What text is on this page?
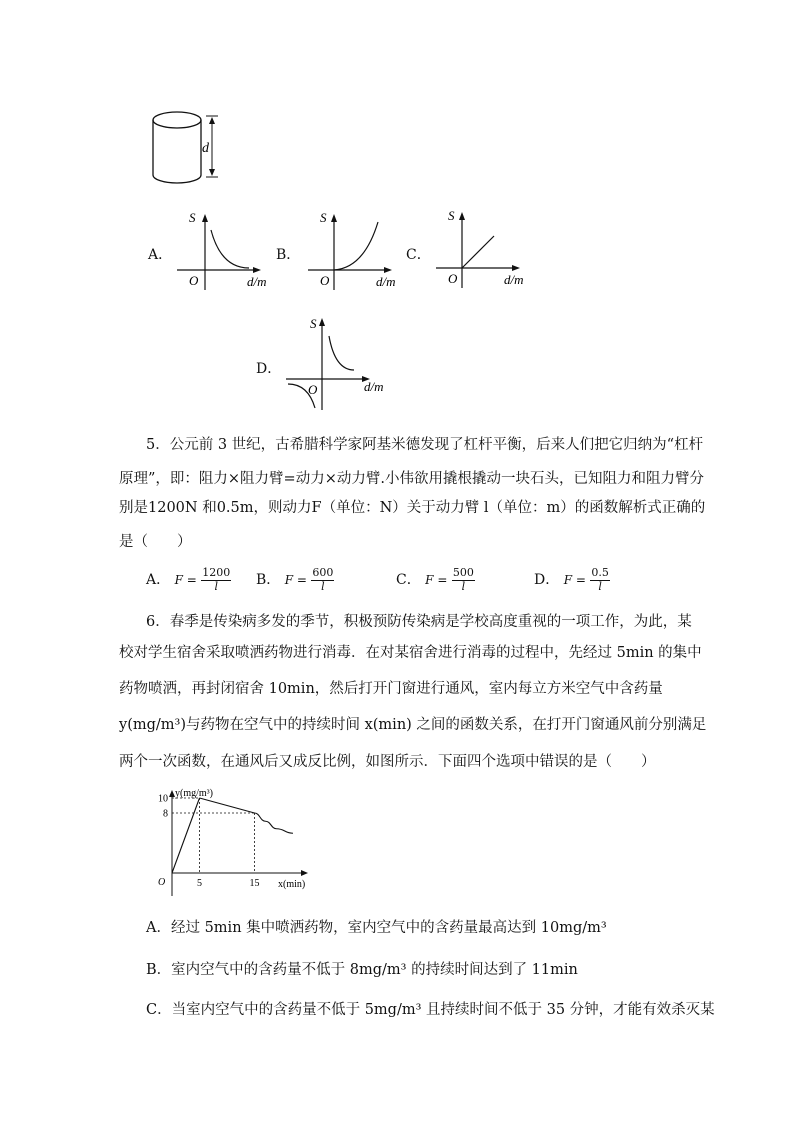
d
A．
S
O	d/m
B．
S
O	d/m
C．
S
O	d/m
D．
S
O	d/m
5．公元前 3 世纪，古希腊科学家阿基米德发现了杠杆平衡，后来人们把它归纳为“杠杆
原理”，即：阻力×阻力臂=动力×动力臂.小伟欲用撬根撬动一块石头，已知阻力和阻力臂分
别是1200N 和0.5m，则动力F（单位：N）关于动力臂 l（单位：m）的函数解析式正确的
是（　　）
A． $F = \frac{1200}{l}$ B． $F = \frac{600}{l}$	C． $F = \frac{500}{l}$	D． $F = \frac{0.5}{l}$
6．春季是传染病多发的季节，积极预防传染病是学校高度重视的一项工作，为此，某
校对学生宿舍采取喷洒药物进行消毒．在对某宿舍进行消毒的过程中，先经过 5min 的集中
药物喷洒，再封闭宿舍 10min，然后打开门窗进行通风，室内每立方米空气中含药量
y(mg/m³)与药物在空气中的持续时间 x(min) 之间的函数关系，在打开门窗通风前分别满足
两个一次函数，在通风后又成反比例，如图所示．下面四个选项中错误的是（　　）
y(mg/m³)
x(min)
O
8
10
5	15
A．经过 5min 集中喷洒药物，室内空气中的含药量最高达到 10mg/m³
B．室内空气中的含药量不低于 8mg/m³ 的持续时间达到了 11min
C．当室内空气中的含药量不低于 5mg/m³ 且持续时间不低于 35 分钟，才能有效杀灭某
